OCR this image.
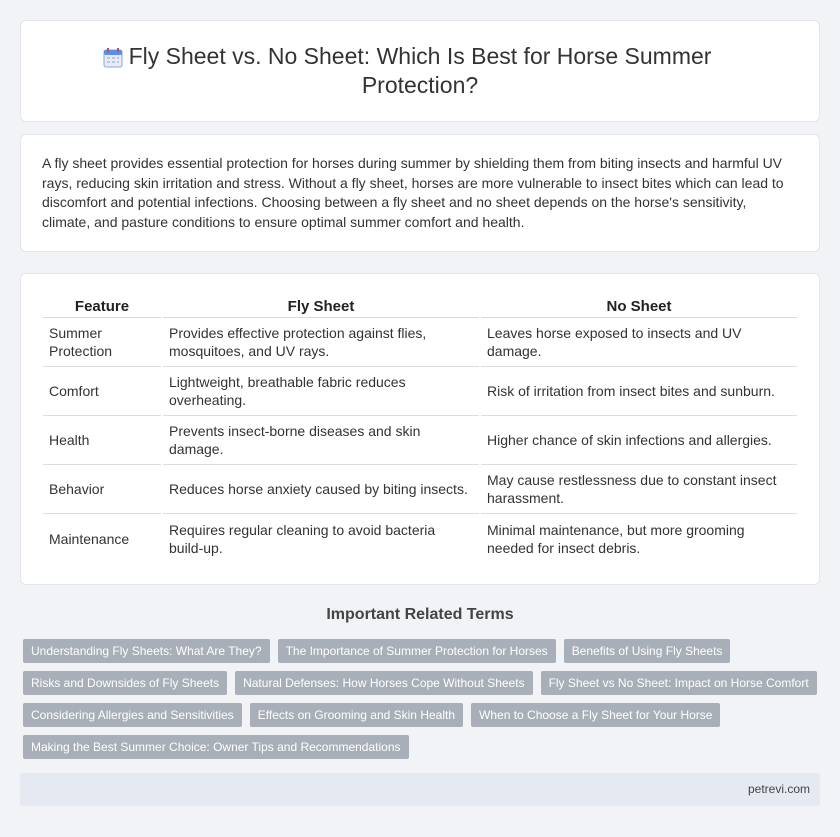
Fly Sheet vs. No Sheet: Which Is Best for Horse Summer Protection?

A fly sheet provides essential protection for horses during summer by shielding them from biting insects and harmful UV rays, reducing skin irritation and stress. Without a fly sheet, horses are more vulnerable to insect bites which can lead to discomfort and potential infections. Choosing between a fly sheet and no sheet depends on the horse's sensitivity, climate, and pasture conditions to ensure optimal summer comfort and health.

Feature	Fly Sheet	No Sheet
Summer Protection	Provides effective protection against flies, mosquitoes, and UV rays.	Leaves horse exposed to insects and UV damage.
Comfort	Lightweight, breathable fabric reduces overheating.	Risk of irritation from insect bites and sunburn.
Health	Prevents insect-borne diseases and skin damage.	Higher chance of skin infections and allergies.
Behavior	Reduces horse anxiety caused by biting insects.	May cause restlessness due to constant insect harassment.
Maintenance	Requires regular cleaning to avoid bacteria build-up.	Minimal maintenance, but more grooming needed for insect debris.
Important Related Terms
Understanding Fly Sheets: What Are They?	The Importance of Summer Protection for Horses	Benefits of Using Fly Sheets
Risks and Downsides of Fly Sheets	Natural Defenses: How Horses Cope Without Sheets	Fly Sheet vs No Sheet: Impact on Horse Comfort
Considering Allergies and Sensitivities	Effects on Grooming and Skin Health	When to Choose a Fly Sheet for Your Horse
Making the Best Summer Choice: Owner Tips and Recommendations
petrevi.com
